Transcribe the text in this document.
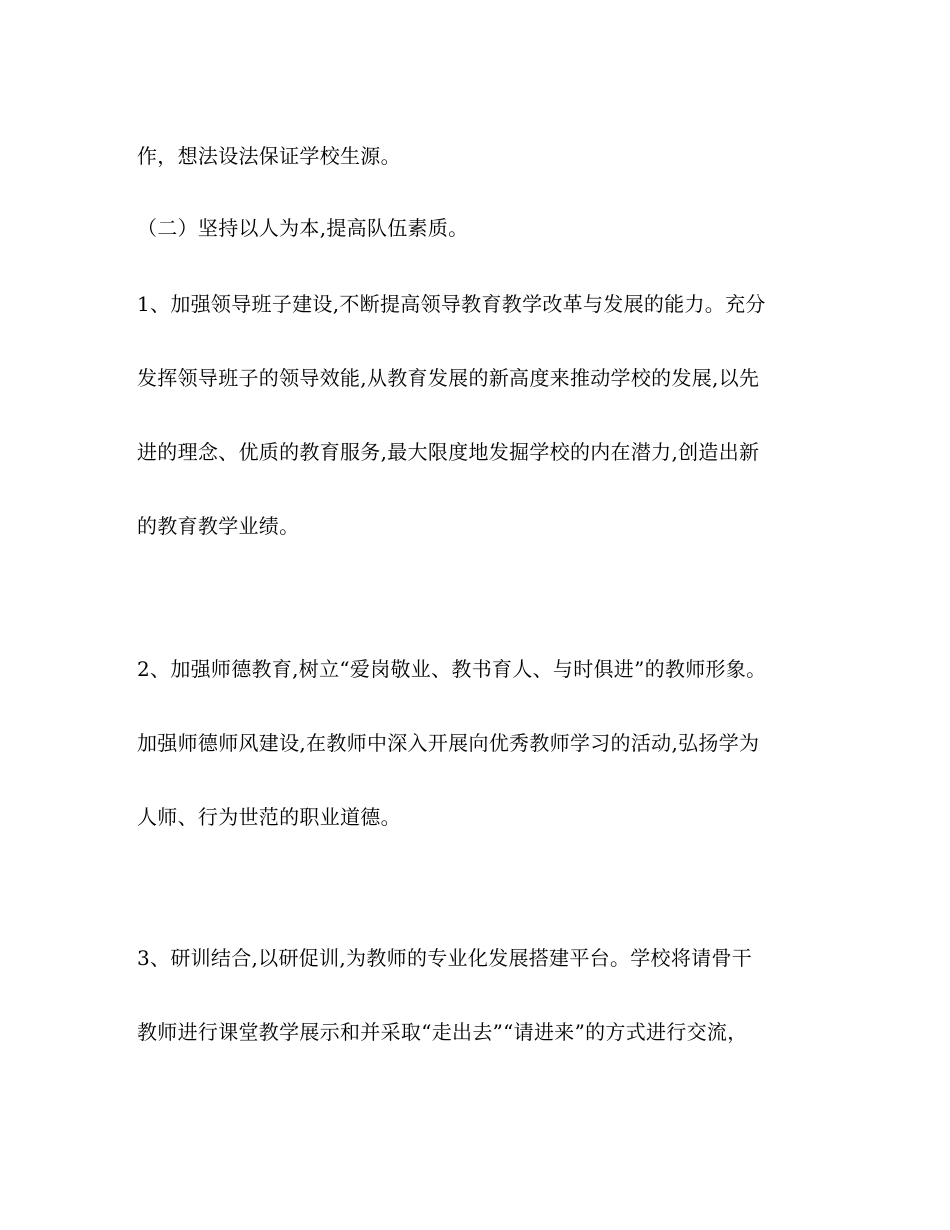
作，想法设法保证学校生源。
（二）坚持以人为本,提高队伍素质。
1、加强领导班子建设,不断提高领导教育教学改革与发展的能力。充分
发挥领导班子的领导效能,从教育发展的新高度来推动学校的发展,以先
进的理念、优质的教育服务,最大限度地发掘学校的内在潜力,创造出新
的教育教学业绩。
2、加强师德教育,树立“爱岗敬业、教书育人、与时俱进”的教师形象。
加强师德师风建设,在教师中深入开展向优秀教师学习的活动,弘扬学为
人师、行为世范的职业道德。
3、研训结合,以研促训,为教师的专业化发展搭建平台。学校将请骨干
教师进行课堂教学展示和并采取“走出去”“请进来”的方式进行交流，
